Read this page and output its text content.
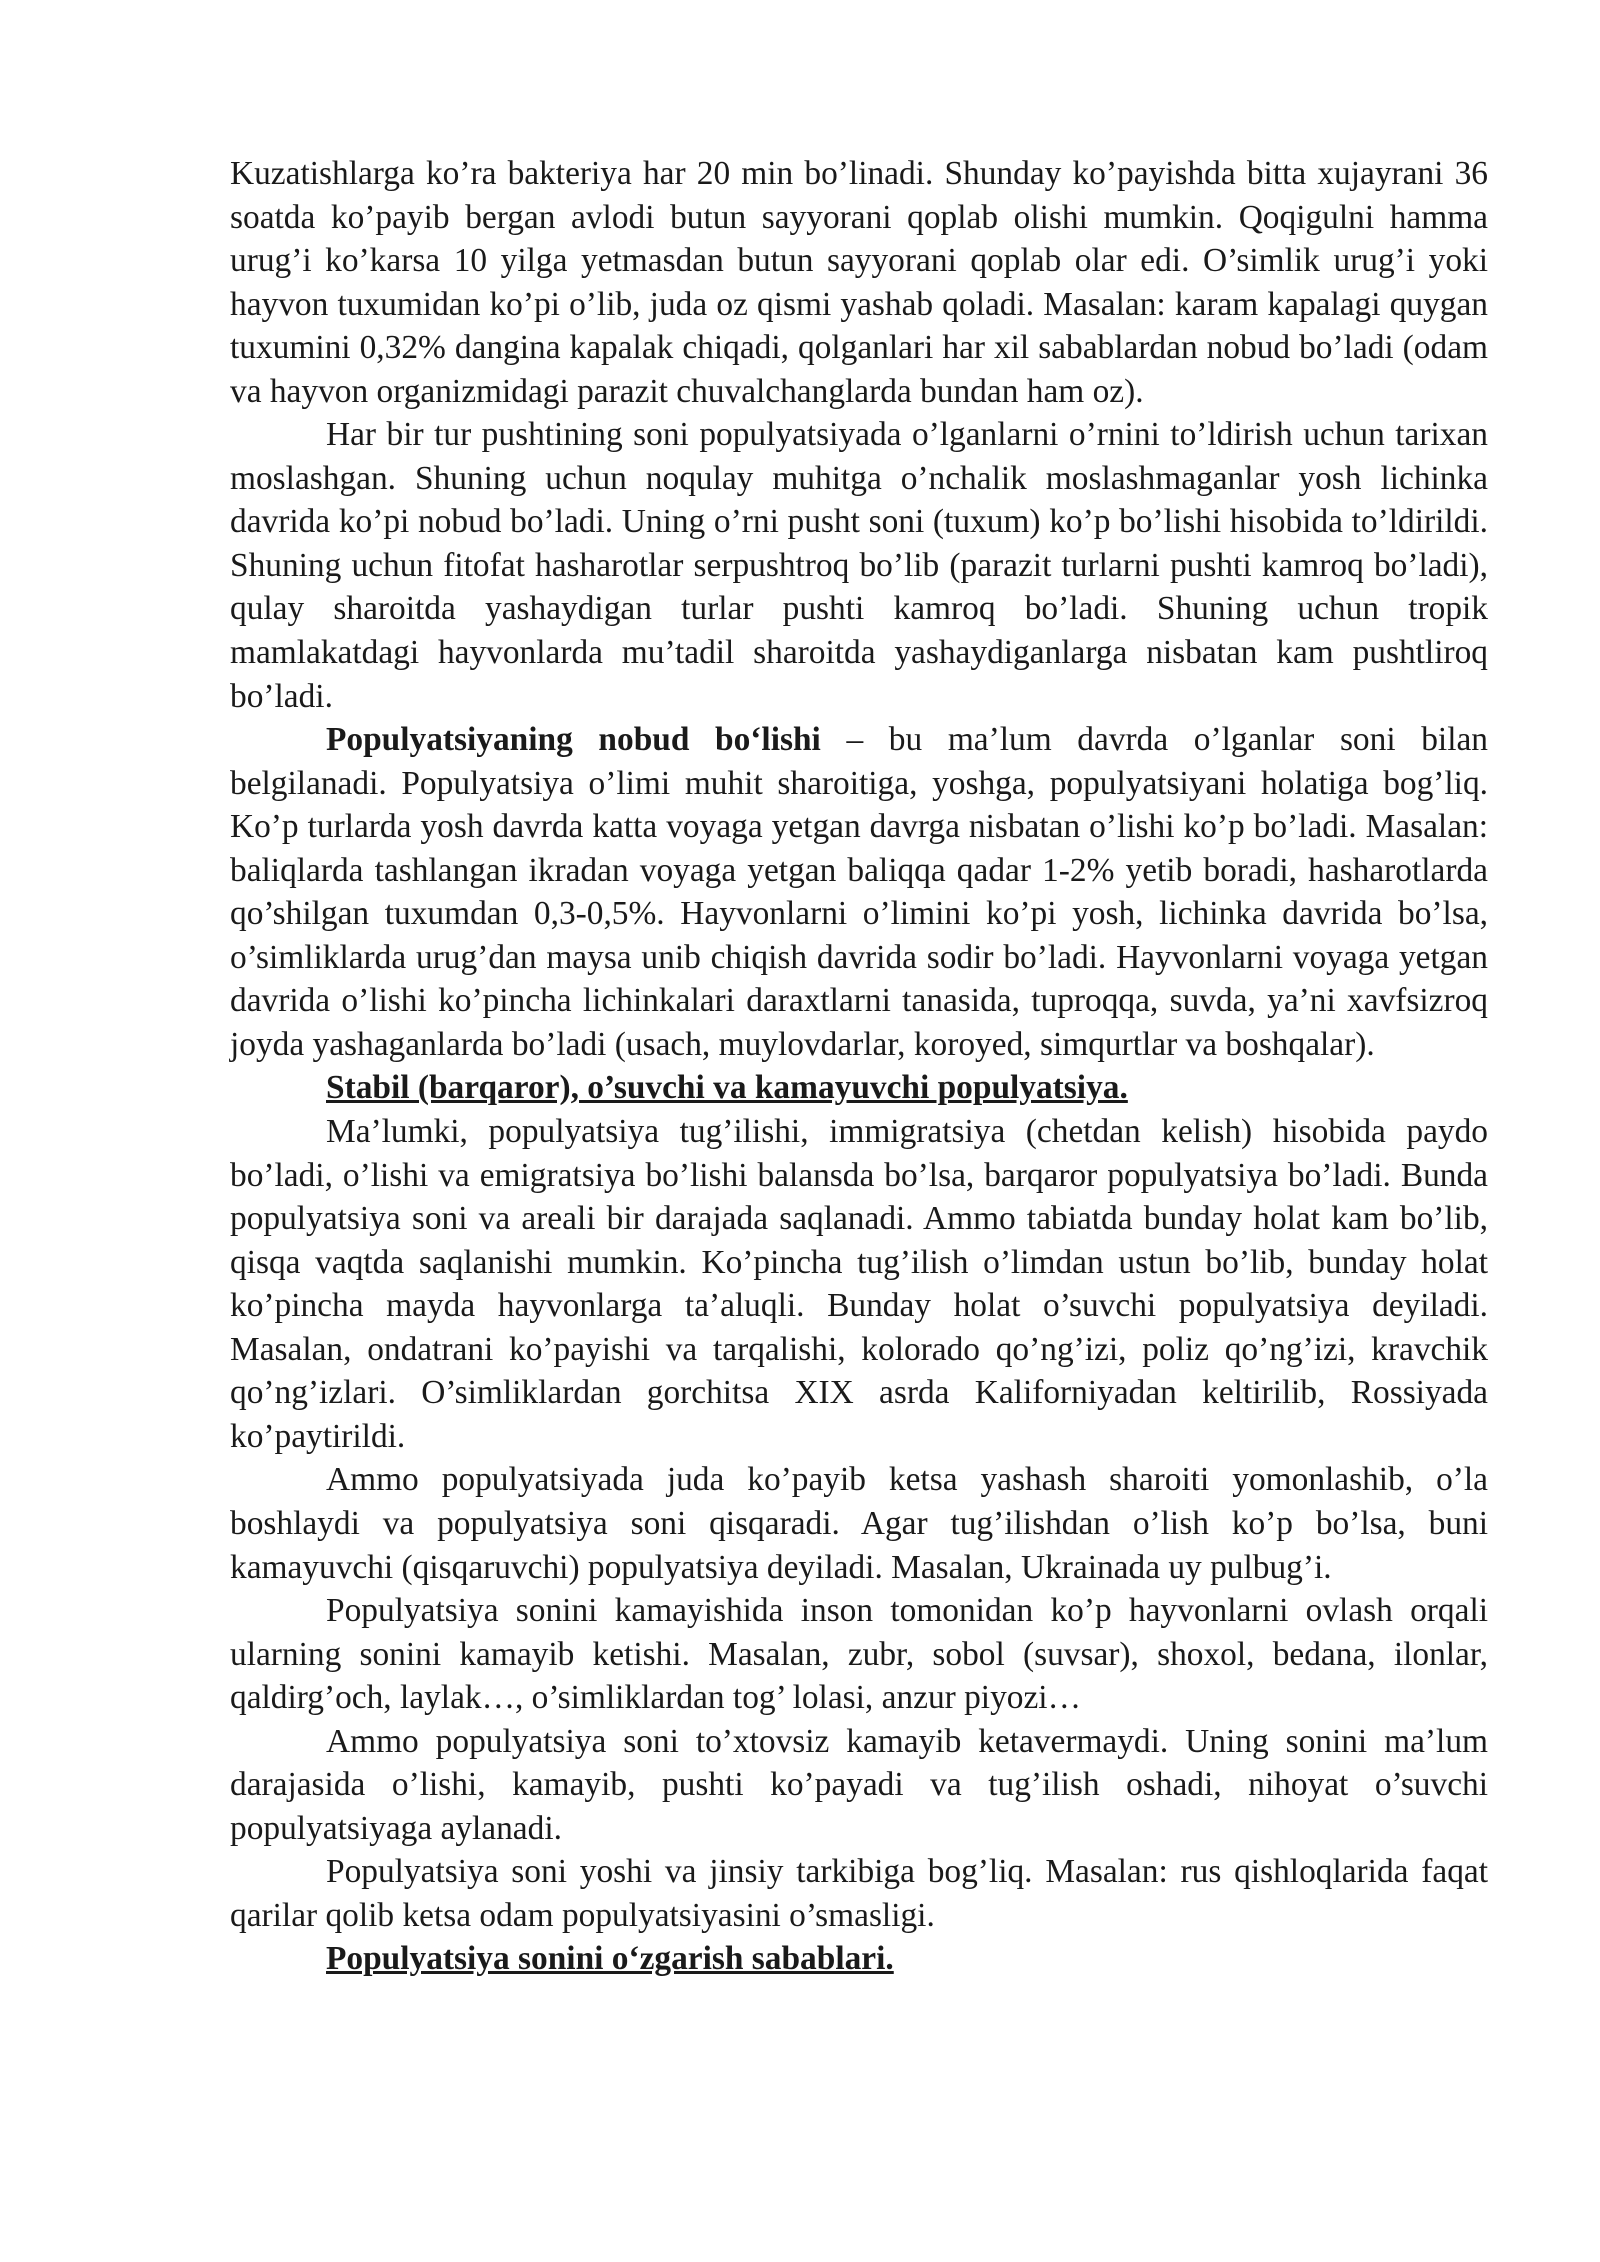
Kuzatishlarga ko’ra bakteriya har 20 min bo’linadi. Shunday ko’payishda bitta xujayrani 36 soatda ko’payib bergan avlodi butun sayyorani qoplab olishi mumkin. Qoqigulni hamma urug’i ko’karsa 10 yilga yetmasdan butun sayyorani qoplab olar edi. O’simlik urug’i yoki hayvon tuxumidan ko’pi o’lib, juda oz qismi yashab qoladi. Masalan: karam kapalagi quygan tuxumini 0,32% dangina kapalak chiqadi, qolganlari har xil sabablardan nobud bo’ladi (odam va hayvon organizmidagi parazit chuvalchanglarda bundan ham oz).

Har bir tur pushtining soni populyatsiyada o’lganlarni o’rnini to’ldirish uchun tarixan moslashgan. Shuning uchun noqulay muhitga o’nchalik moslashmaganlar yosh lichinka davrida ko’pi nobud bo’ladi. Uning o’rni pusht soni (tuxum) ko’p bo’lishi hisobida to’ldirildi. Shuning uchun fitofat hasharotlar serpushtroq bo’lib (parazit turlarni pushti kamroq bo’ladi), qulay sharoitda yashaydigan turlar pushti kamroq bo’ladi. Shuning uchun tropik mamlakatdagi hayvonlarda mu’tadil sharoitda yashaydiganlarga nisbatan kam pushtliroq bo’ladi.

Populyatsiyaning nobud bo‘lishi – bu ma’lum davrda o’lganlar soni bilan belgilanadi. Populyatsiya o’limi muhit sharoitiga, yoshga, populyatsiyani holatiga bog’liq. Ko’p turlarda yosh davrda katta voyaga yetgan davrga nisbatan o’lishi ko’p bo’ladi. Masalan: baliqlarda tashlangan ikradan voyaga yetgan baliqqa qadar 1-2% yetib boradi, hasharotlarda qo’shilgan tuxumdan 0,3-0,5%. Hayvonlarni o’limini ko’pi yosh, lichinka davrida bo’lsa, o’simliklarda urug’dan maysa unib chiqish davrida sodir bo’ladi. Hayvonlarni voyaga yetgan davrida o’lishi ko’pincha lichinkalari daraxtlarni tanasida, tuproqqa, suvda, ya’ni xavfsizroq joyda yashaganlarda bo’ladi (usach, muylovdarlar, koroyed, simqurtlar va boshqalar).

Stabil (barqaror), o’suvchi va kamayuvchi populyatsiya.

Ma’lumki, populyatsiya tug’ilishi, immigratsiya (chetdan kelish) hisobida paydo bo’ladi, o’lishi va emigratsiya bo’lishi balansda bo’lsa, barqaror populyatsiya bo’ladi. Bunda populyatsiya soni va areali bir darajada saqlanadi. Ammo tabiatda bunday holat kam bo’lib, qisqa vaqtda saqlanishi mumkin. Ko’pincha tug’ilish o’limdan ustun bo’lib, bunday holat ko’pincha mayda hayvonlarga ta’aluqli. Bunday holat o’suvchi populyatsiya deyiladi. Masalan, ondatrani ko’payishi va tarqalishi, kolorado qo’ng’izi, poliz qo’ng’izi, kravchik qo’ng’izlari. O’simliklardan gorchitsa XIX asrda Kaliforniyadan keltirilib, Rossiyada ko’paytirildi.

Ammo populyatsiyada juda ko’payib ketsa yashash sharoiti yomonlashib, o’la boshlaydi va populyatsiya soni qisqaradi. Agar tug’ilishdan o’lish ko’p bo’lsa, buni kamayuvchi (qisqaruvchi) populyatsiya deyiladi. Masalan, Ukrainada uy pulbug’i.

Populyatsiya sonini kamayishida inson tomonidan ko’p hayvonlarni ovlash orqali ularning sonini kamayib ketishi. Masalan, zubr, sobol (suvsar), shoxol, bedana, ilonlar, qaldirg’och, laylak…, o’simliklardan tog’ lolasi, anzur piyozi…

Ammo populyatsiya soni to’xtovsiz kamayib ketavermaydi. Uning sonini ma’lum darajasida o’lishi, kamayib, pushti ko’payadi va tug’ilish oshadi, nihoyat o’suvchi populyatsiyaga aylanadi.

Populyatsiya soni yoshi va jinsiy tarkibiga bog’liq. Masalan: rus qishloqlarida faqat qarilar qolib ketsa odam populyatsiyasini o’smasligi.

Populyatsiya sonini o‘zgarish sabablari.
